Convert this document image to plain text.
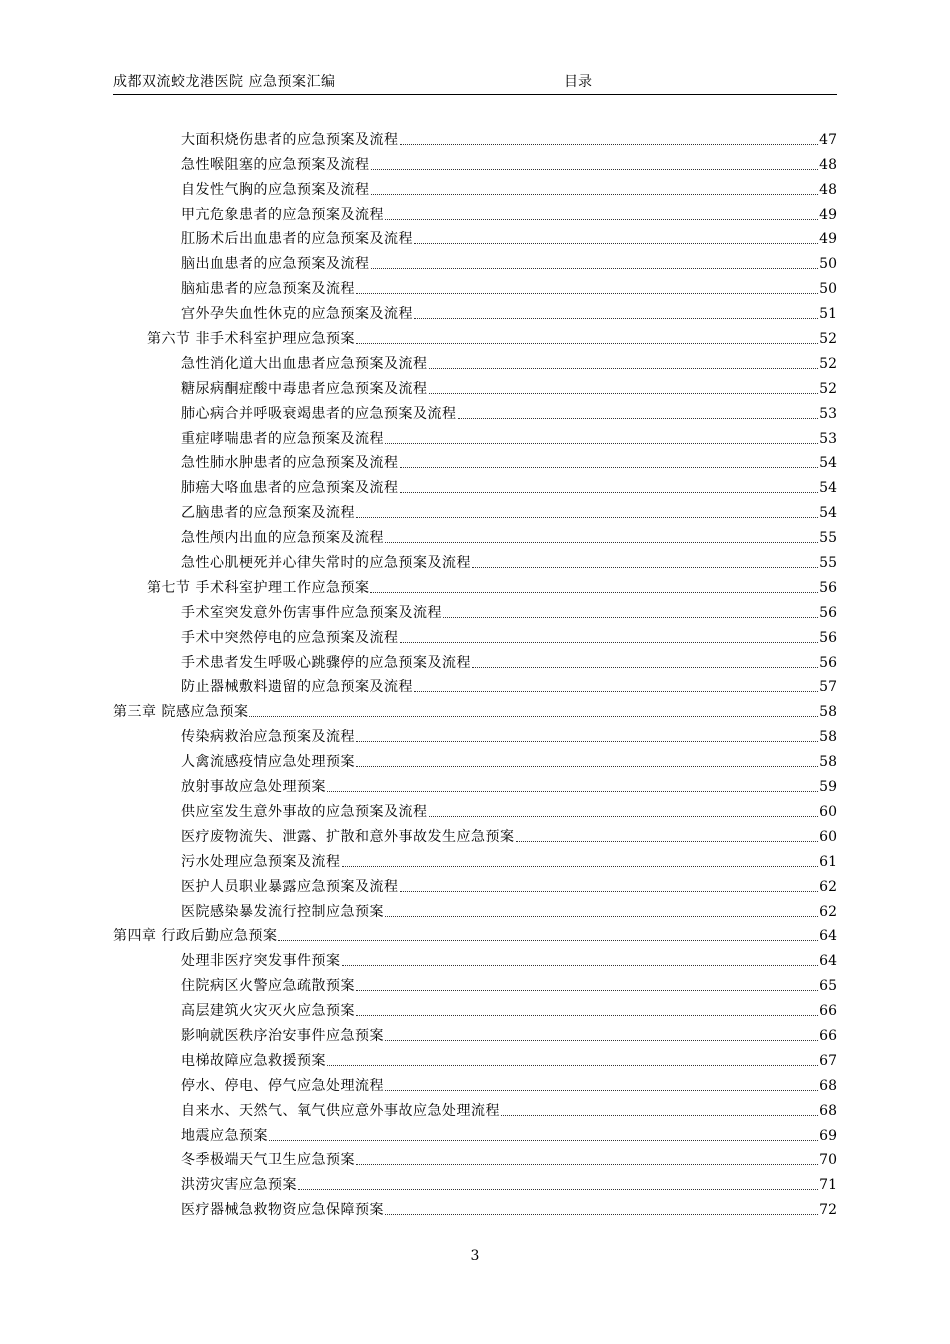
成都双流蛟龙港医院 应急预案汇编	目录
大面积烧伤患者的应急预案及流程	47
急性喉阻塞的应急预案及流程	48
自发性气胸的应急预案及流程	48
甲亢危象患者的应急预案及流程	49
肛肠术后出血患者的应急预案及流程	49
脑出血患者的应急预案及流程	50
脑疝患者的应急预案及流程	50
宫外孕失血性休克的应急预案及流程	51
第六节 非手术科室护理应急预案	52
急性消化道大出血患者应急预案及流程	52
糖尿病酮症酸中毒患者应急预案及流程	52
肺心病合并呼吸衰竭患者的应急预案及流程	53
重症哮喘患者的应急预案及流程	53
急性肺水肿患者的应急预案及流程	54
肺癌大咯血患者的应急预案及流程	54
乙脑患者的应急预案及流程	54
急性颅内出血的应急预案及流程	55
急性心肌梗死并心律失常时的应急预案及流程	55
第七节 手术科室护理工作应急预案	56
手术室突发意外伤害事件应急预案及流程	56
手术中突然停电的应急预案及流程	56
手术患者发生呼吸心跳骤停的应急预案及流程	56
防止器械敷料遗留的应急预案及流程	57
第三章 院感应急预案	58
传染病救治应急预案及流程	58
人禽流感疫情应急处理预案	58
放射事故应急处理预案	59
供应室发生意外事故的应急预案及流程	60
医疗废物流失、泄露、扩散和意外事故发生应急预案	60
污水处理应急预案及流程	61
医护人员职业暴露应急预案及流程	62
医院感染暴发流行控制应急预案	62
第四章 行政后勤应急预案	64
处理非医疗突发事件预案	64
住院病区火警应急疏散预案	65
高层建筑火灾灭火应急预案	66
影响就医秩序治安事件应急预案	66
电梯故障应急救援预案	67
停水、停电、停气应急处理流程	68
自来水、天然气、氧气供应意外事故应急处理流程	68
地震应急预案	69
冬季极端天气卫生应急预案	70
洪涝灾害应急预案	71
医疗器械急救物资应急保障预案	72
3
